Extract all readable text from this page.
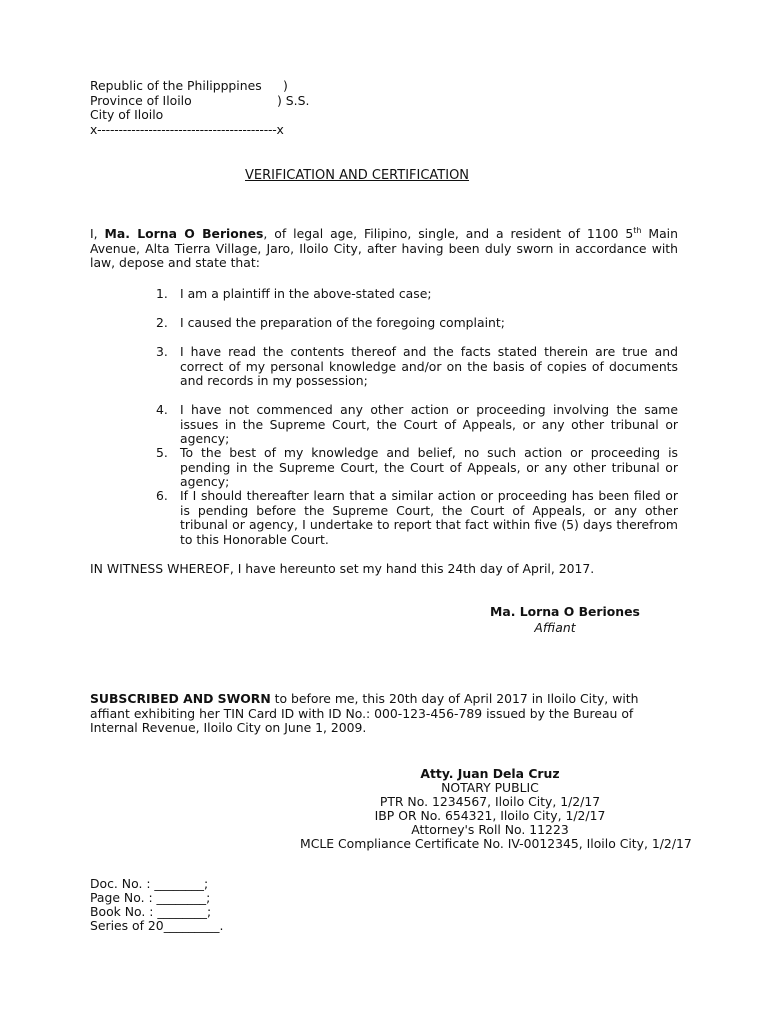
Republic of the Philipppines )
Province of Iloilo	) S.S.
City of Iloilo
x------------------------------------------x
VERIFICATION AND CERTIFICATION
I, Ma. Lorna O Beriones, of legal age, Filipino, single, and a resident of 1100 5th Main Avenue, Alta Tierra Village, Jaro, Iloilo City, after having been duly sworn in accordance with law, depose and state that:
1. I am a plaintiff in the above-stated case;
2. I caused the preparation of the foregoing complaint;
3. I have read the contents thereof and the facts stated therein are true and correct of my personal knowledge and/or on the basis of copies of documents and records in my possession;
4. I have not commenced any other action or proceeding involving the same issues in the Supreme Court, the Court of Appeals, or any other tribunal or agency;
5. To the best of my knowledge and belief, no such action or proceeding is pending in the Supreme Court, the Court of Appeals, or any other tribunal or agency;
6. If I should thereafter learn that a similar action or proceeding has been filed or is pending before the Supreme Court, the Court of Appeals, or any other tribunal or agency, I undertake to report that fact within five (5) days therefrom to this Honorable Court.
IN WITNESS WHEREOF, I have hereunto set my hand this 24th day of April, 2017.
Ma. Lorna O Beriones
Affiant
SUBSCRIBED AND SWORN to before me, this 20th day of April 2017 in Iloilo City, with affiant exhibiting her TIN Card ID with ID No.: 000-123-456-789 issued by the Bureau of Internal Revenue, Iloilo City on June 1, 2009.
Atty. Juan Dela Cruz
NOTARY PUBLIC
PTR No. 1234567, Iloilo City, 1/2/17
IBP OR No. 654321, Iloilo City, 1/2/17
Attorney's Roll No. 11223
MCLE Compliance Certificate No. IV-0012345, Iloilo City, 1/2/17
Doc. No. : ________;
Page No. : ________;
Book No. : ________;
Series of 20_________.
